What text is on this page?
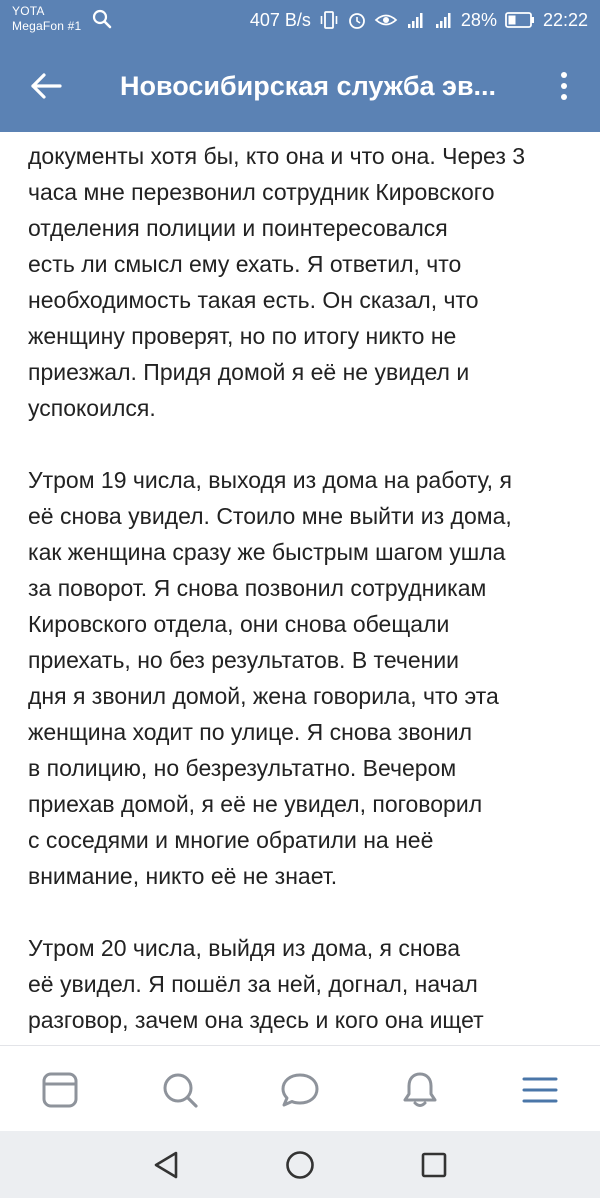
YOTA
MegaFon #1	407 B/s	28%	22:22
Новосибирская служба эв...

документы хотя бы, кто она и что она. Через 3
часа мне перезвонил сотрудник Кировского
отделения полиции и поинтересовался
есть ли смысл ему ехать. Я ответил, что
необходимость такая есть. Он сказал, что
женщину проверят, но по итогу никто не
приезжал. Придя домой я её не увидел и
успокоился.

Утром 19 числа, выходя из дома на работу, я
её снова увидел. Стоило мне выйти из дома,
как женщина сразу же быстрым шагом ушла
за поворот. Я снова позвонил сотрудникам
Кировского отдела, они снова обещали
приехать, но без результатов. В течении
дня я звонил домой, жена говорила, что эта
женщина ходит по улице. Я снова звонил
в полицию, но безрезультатно. Вечером
приехав домой, я её не увидел, поговорил
с соседями и многие обратили на неё
внимание, никто её не знает.

Утром 20 числа, выйдя из дома, я снова
её увидел. Я пошёл за ней, догнал, начал
разговор, зачем она здесь и кого она ищет
